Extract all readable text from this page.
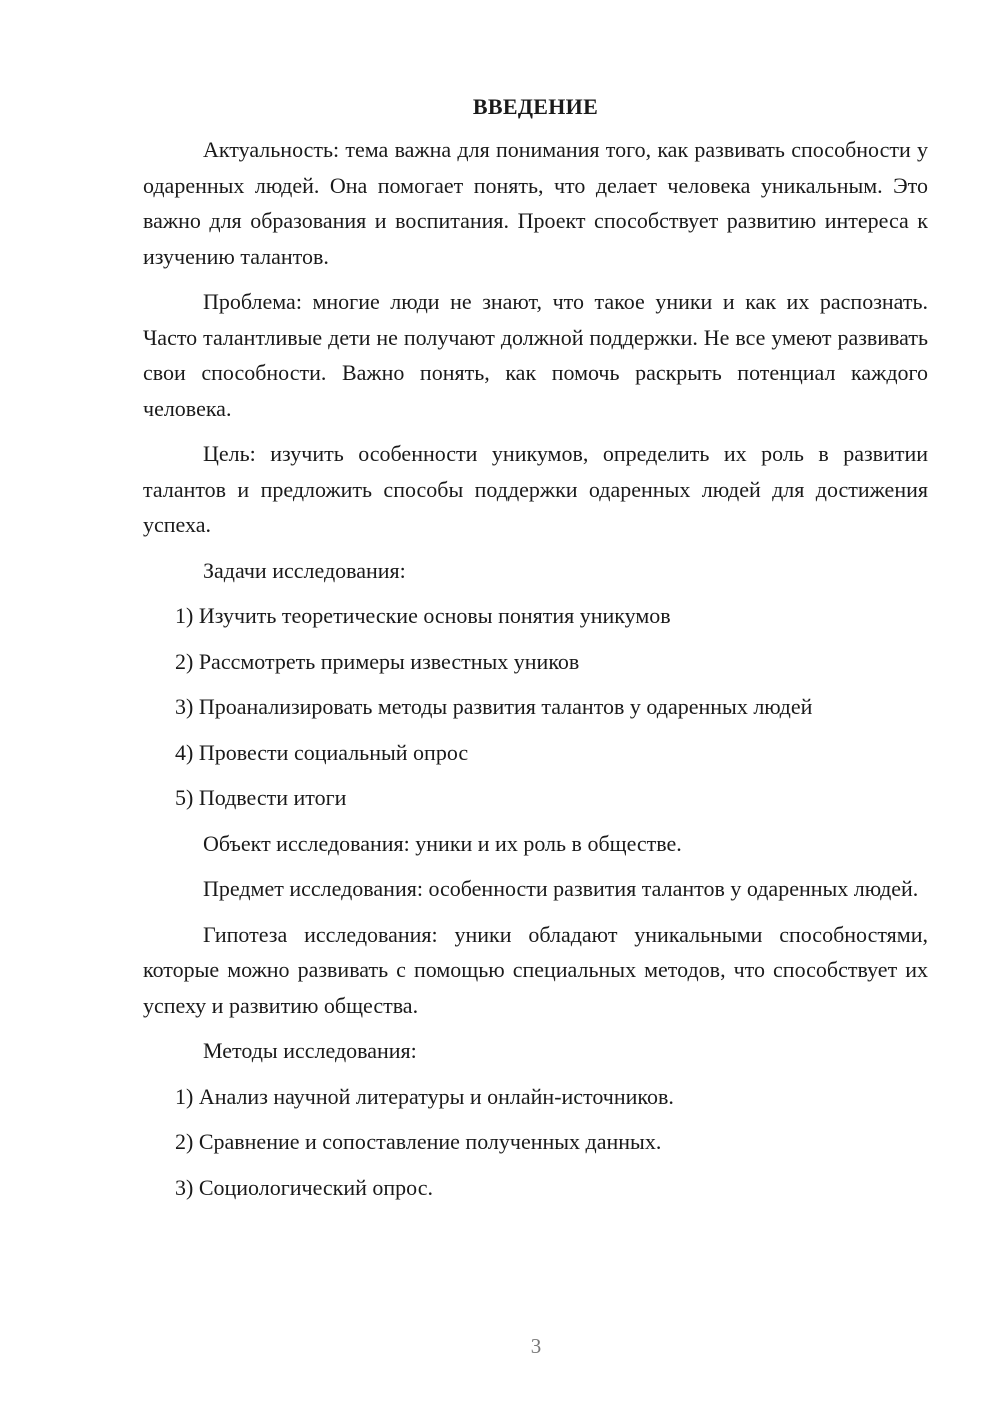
ВВЕДЕНИЕ

Актуальность: тема важна для понимания того, как развивать способности у одаренных людей. Она помогает понять, что делает человека уникальным. Это важно для образования и воспитания. Проект способствует развитию интереса к изучению талантов.

Проблема: многие люди не знают, что такое уники и как их распознать. Часто талантливые дети не получают должной поддержки. Не все умеют развивать свои способности. Важно понять, как помочь раскрыть потенциал каждого человека.

Цель: изучить особенности уникумов, определить их роль в развитии талантов и предложить способы поддержки одаренных людей для достижения успеха.

Задачи исследования:
1) Изучить теоретические основы понятия уникумов
2) Рассмотреть примеры известных уников
3) Проанализировать методы развития талантов у одаренных людей
4) Провести социальный опрос
5) Подвести итоги

Объект исследования: уники и их роль в обществе.

Предмет исследования: особенности развития талантов у одаренных людей.

Гипотеза исследования: уники обладают уникальными способностями, которые можно развивать с помощью специальных методов, что способствует их успеху и развитию общества.

Методы исследования:
1) Анализ научной литературы и онлайн-источников.
2) Сравнение и сопоставление полученных данных.
3) Социологический опрос.
3
